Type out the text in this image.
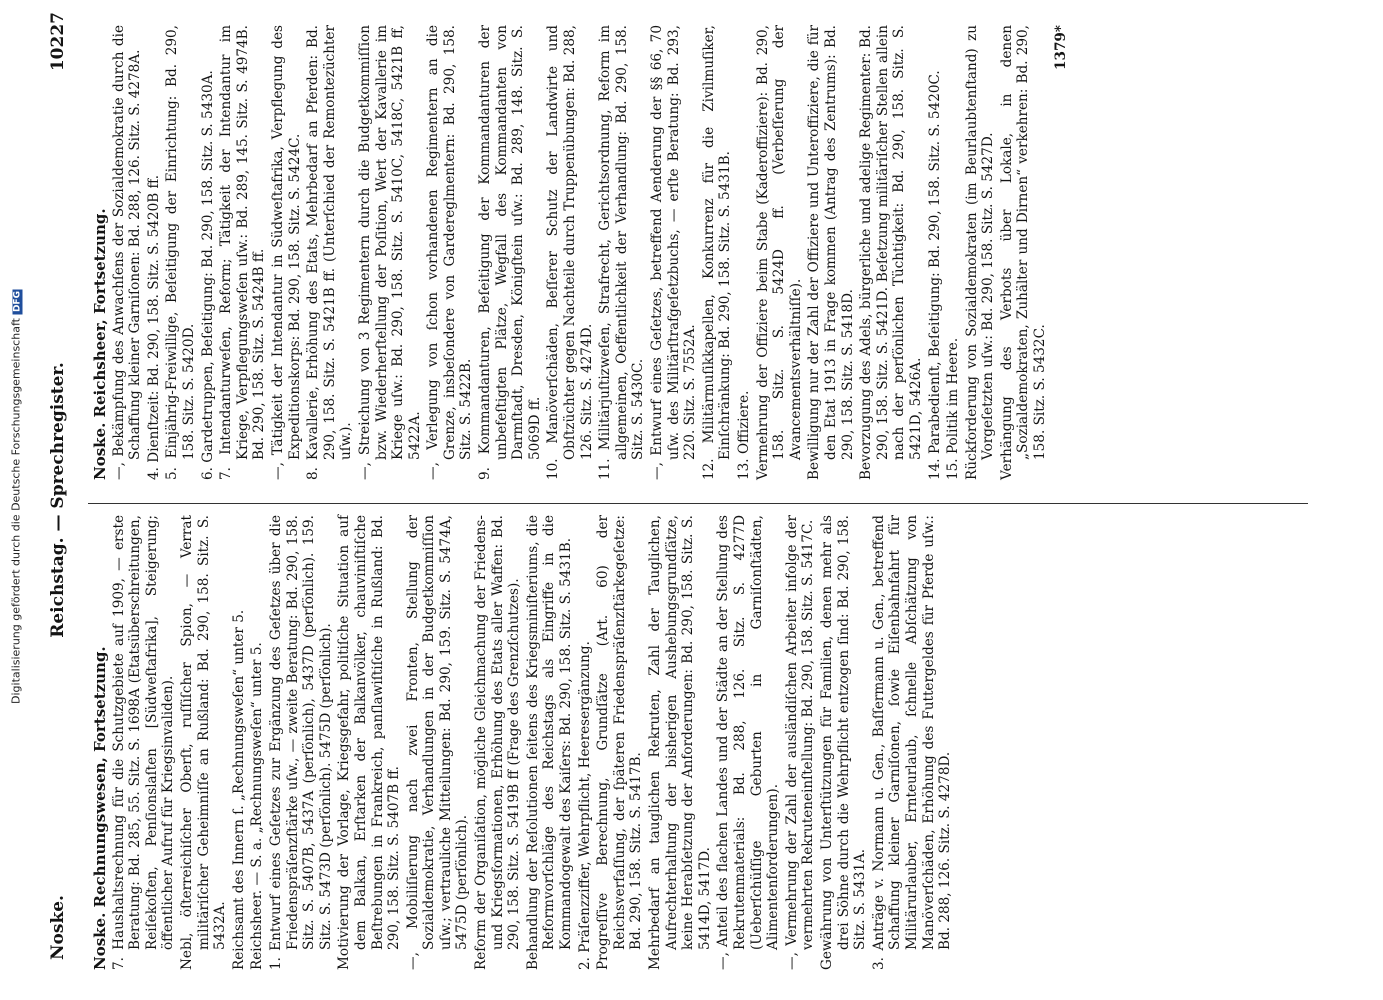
Noske.
Reichstag. — Sprechregister.
10227
Noske. Rechnungswesen, Fortsetzung. 7. Haushaltsrechnung für die Schutzgebiete auf 1909, — erste Beratung: Bd. 285, 55. Sitz. S. 1698A (Etatsüberschreitungen, Reiſekoſten, Penſionslaſten [Südweſtafrika], Steigerung; öffentlicher Aufruf für Kriegsinvaliden). Nebl, öſterreichiſcher Oberſt, ruſſiſcher Spion, — Verrat militäriſcher Geheimniſſe an Rußland: Bd. 290, 158. Sitz. S. 5432A. Reichsamt des Innern ſ. „Rechnungsweſen“ unter 5. Reichsheer. — S. a. „Rechnungsweſen“ unter 5. 1. Entwurf eines Geſetzes zur Ergänzung des Geſetzes über die Friedenspräſenzſtärke uſw., — zweite Beratung: Bd. 290, 158. Sitz. S. 5407B, 5437A (perſönlich), 5437D (perſönlich). 159. Sitz. S. 5473D (perſönlich). 5475D (perſönlich). Motivierung der Vorlage, Kriegsgefahr, politiſche Situation auf dem Balkan, Erſtarken der Balkanvölker, chauviniſtiſche Beſtrebungen in Frankreich, panſlawiſtiſche in Rußland: Bd. 290, 158. Sitz. S. 5407B ff. —, Mobiliſierung nach zwei Fronten, Stellung der Sozialdemokratie, Verhandlungen in der Budgetkommiſſion uſw.; vertrauliche Mitteilungen: Bd. 290, 159. Sitz. S. 5474A, 5475D (perſönlich). Reform der Organiſation, mögliche Gleichmachung der Friedens- und Kriegsformationen, Erhöhung des Etats aller Waffen: Bd. 290, 158. Sitz. S. 5419B ff (Frage des Grenzſchutzes). Behandlung der Reſolutionen ſeitens des Kriegsminiſteriums, die Reformvorſchläge des Reichstags als Eingriffe in die Kommandogewalt des Kaiſers: Bd. 290, 158. Sitz. S. 5431B. 2. Präſenzziffer, Wehrpflicht, Heeresergänzung. Progreſſive Berechnung, Grundſätze (Art. 60) der Reichsverfaſſung, der ſpäteren Friedenspräſenzſtärkegeſetze: Bd. 290, 158. Sitz. S. 5417B. Mehrbedarf an tauglichen Rekruten, Zahl der Tauglichen, Aufrechterhaltung der bisherigen Aushebungsgrundſätze, keine Herabſetzung der Anforderungen: Bd. 290, 158. Sitz. S. 5414D, 5417D. —, Anteil des flachen Landes und der Städte an der Stellung des Rekrutenmaterials: Bd. 288, 126. Sitz. S. 4277D (Ueberſchüſſige Geburten in Garniſonſtädten, Alimentenforderungen). —, Vermehrung der Zahl der ausländiſchen Arbeiter infolge der vermehrten Rekruteneinſtellung: Bd. 290, 158. Sitz. S. 5417C. Gewährung von Unterſtützungen für Familien, denen mehr als drei Söhne durch die Wehrpflicht entzogen ſind: Bd. 290, 158. Sitz. S. 5431A. 3. Anträge v. Normann u. Gen., Baſſermann u. Gen., betreffend Schaffung kleiner Garniſonen, ſowie Eiſenbahnfahrt für Militärurlauber, Ernteurlaub, ſchnelle Abſchätzung von Manöverſchäden, Erhöhung des Futtergeldes für Pferde uſw.: Bd. 288, 126. Sitz. S. 4278D.
Noske. Reichsheer, Fortsetzung. —, Bekämpfung des Anwachſens der Sozialdemokratie durch die Schaffung kleiner Garniſonen: Bd. 288, 126. Sitz. S. 4278A. 4. Dienſtzeit: Bd. 290, 158. Sitz. S. 5420B ff. 5. Einjährig-Freiwillige, Beſeitigung der Einrichtung: Bd. 290, 158. Sitz. S. 5420D. 6. Gardetruppen, Beſeitigung: Bd. 290, 158. Sitz. S. 5430A. 7. Intendanturweſen, Reform; Tätigkeit der Intendantur im Kriege, Verpflegungsweſen uſw.: Bd. 289, 145. Sitz. S. 4974B. Bd. 290, 158. Sitz. S. 5424B ff. —, Tätigkeit der Intendantur in Südweſtafrika, Verpflegung des Expeditionskorps: Bd. 290, 158. Sitz. S. 5424C. 8. Kavallerie, Erhöhung des Etats, Mehrbedarf an Pferden: Bd. 290, 158. Sitz. S. 5421B ff. (Unterſchied der Remontezüchter uſw.). —, Streichung von 3 Regimentern durch die Budgetkommiſſion bzw. Wiederherſtellung der Poſition, Wert der Kavallerie im Kriege uſw.: Bd. 290, 158. Sitz. S. 5410C, 5418C, 5421B ff, 5422A. —, Verlegung von ſchon vorhandenen Regimentern an die Grenze, insbeſondere von Gardereglmentern: Bd. 290, 158. Sitz. S. 5422B. 9. Kommandanturen, Beſeitigung der Kommandanturen der unbefeſtigten Plätze, Wegfall des Kommandanten von Darmſtadt, Dresden, Königſtein uſw.: Bd. 289, 148. Sitz. S. 5069D ff. 10. Manöverſchäden, Beſſerer Schutz der Landwirte und Obſtzüchter gegen Nachteile durch Truppenübungen: Bd. 288, 126. Sitz. S. 4274D. 11. Militärjuſtizweſen, Strafrecht, Gerichtsordnung, Reform im allgemeinen, Oeffentlichkeit der Verhandlung: Bd. 290, 158. Sitz. S. 5430C. —, Entwurf eines Geſetzes, betreffend Aenderung der §§ 66, 70 uſw. des Militärſtrafgeſetzbuchs, — erſte Beratung: Bd. 293, 220. Sitz. S. 7552A. 12. Militärmuſikkapellen, Konkurrenz für die Zivilmuſiker, Einſchränkung: Bd. 290, 158. Sitz. S. 5431B. 13. Offiziere. Vermehrung der Offiziere beim Stabe (Kaderoffiziere): Bd. 290, 158. Sitz. S. 5424D ff. (Verbeſſerung der Avancementsverhältniſſe). Bewilligung nur der Zahl der Offiziere und Unteroffiziere, die für den Etat 1913 in Frage kommen (Antrag des Zentrums): Bd. 290, 158. Sitz. S. 5418D. Bevorzugung des Adels, bürgerliche und adelige Regimenter: Bd. 290, 158. Sitz. S. 5421D. Beſetzung militäriſcher Stellen allein nach der perſönlichen Tüchtigkeit: Bd. 290, 158. Sitz. S. 5421D, 5426A. 14. Parabedienſt, Beſeitigung: Bd. 290, 158. Sitz. S. 5420C. 15. Politik im Heere. Rückforderung von Sozialdemokraten (im Beurlaubtenſtand) zu Vorgeſetzten uſw.: Bd. 290, 158. Sitz. S. 5427D. Verhängung des Verbots über Lokale, in denen „Sozialdemokraten, Zuhälter und Dirnen“ verkehren: Bd. 290, 158. Sitz. S. 5432C.
1379*
Digitalisierung gefördert durch die Deutsche ForschungsgemeinschaftDFG
